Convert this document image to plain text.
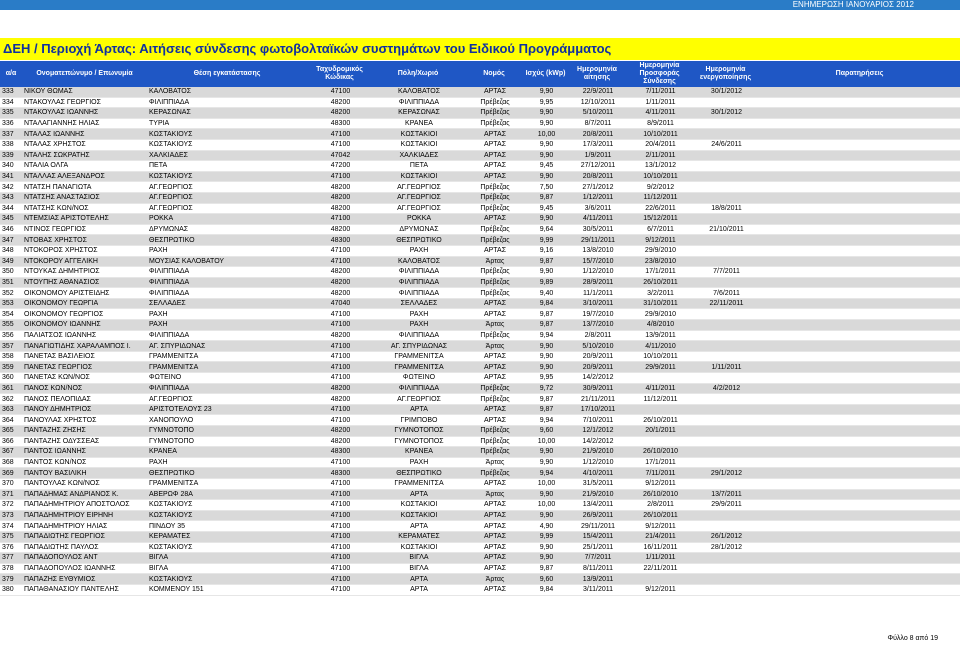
ΕΝΗΜΕΡΩΣΗ ΙΑΝΟΥΑΡΙΟΣ 2012
ΔΕΗ / Περιοχή Άρτας: Αιτήσεις σύνδεσης φωτοβολταϊκών συστημάτων του Ειδικού Προγράμματος
α/α	Ονοματεπώνυμο / Επωνυμία	Θέση εγκατάστασης	Ταχυδρομικός Κώδικας	Πόλη/Χωριό	Νομός	Ισχύς (kWp)	Ημερομηνία αίτησης	Ημερομηνία Προσφοράς Σύνδεσης	Ημερομηνία ενεργοποίησης	Παρατηρήσεις
333	ΝΙΚΟΥ ΘΩΜΑΣ	ΚΑΛΟΒΑΤΟΣ	47100	ΚΑΛΟΒΑΤΟΣ	ΑΡΤΑΣ	9,90	22/9/2011	7/11/2011	30/1/2012	
334	ΝΤΑΚΟΥΛΑΣ ΓΕΩΡΓΙΟΣ	ΦΙΛΙΠΠΙΑΔΑ	48200	ΦΙΛΙΠΠΙΑΔΑ	Πρέβεζας	9,95	12/10/2011	1/11/2011		
335	ΝΤΑΚΟΥΛΑΣ ΙΩΑΝΝΗΣ	ΚΕΡΑΣΩΝΑΣ	48200	ΚΕΡΑΣΩΝΑΣ	Πρέβεζας	9,90	5/10/2011	4/11/2011	30/1/2012	
336	ΝΤΑΛΑΓΙΑΝΝΗΣ ΗΛΙΑΣ	ΤΥΡΙΑ	48300	ΚΡΑΝΕΑ	Πρέβεζας	9,90	8/7/2011	8/9/2011		
337	ΝΤΑΛΑΣ ΙΩΑΝΝΗΣ	ΚΩΣΤΑΚΙΟΥΣ	47100	ΚΩΣΤΑΚΙΟΙ	ΑΡΤΑΣ	10,00	20/8/2011	10/10/2011		
338	ΝΤΑΛΑΣ ΧΡΗΣΤΟΣ	ΚΩΣΤΑΚΙΟΥΣ	47100	ΚΩΣΤΑΚΙΟΙ	ΑΡΤΑΣ	9,90	17/3/2011	20/4/2011	24/6/2011	
339	ΝΤΑΛΗΣ ΣΩΚΡΑΤΗΣ	ΧΑΛΚΙΑΔΕΣ	47042	ΧΑΛΚΙΑΔΕΣ	ΑΡΤΑΣ	9,90	1/9/2011	2/11/2011		
340	ΝΤΑΛΙΑ ΟΛΓΑ	ΠΕΤΑ	47200	ΠΕΤΑ	ΑΡΤΑΣ	9,45	27/12/2011	13/1/2012		
341	ΝΤΑΛΛΑΣ ΑΛΕΞΑΝΔΡΟΣ	ΚΩΣΤΑΚΙΟΥΣ	47100	ΚΩΣΤΑΚΙΟΙ	ΑΡΤΑΣ	9,90	20/8/2011	10/10/2011		
342	ΝΤΑΤΣΗ ΠΑΝΑΓΙΩΤΑ	ΑΓ.ΓΕΩΡΓΙΟΣ	48200	ΑΓ.ΓΕΩΡΓΙΟΣ	Πρέβεζας	7,50	27/1/2012	9/2/2012		
343	ΝΤΑΤΣΗΣ ΑΝΑΣΤΑΣΙΟΣ	ΑΓ.ΓΕΩΡΓΙΟΣ	48200	ΑΓ.ΓΕΩΡΓΙΟΣ	Πρέβεζας	9,87	1/12/2011	11/12/2011		
344	ΝΤΑΤΣΗΣ ΚΩΝ/ΝΟΣ	ΑΓ.ΓΕΩΡΓΙΟΣ	48200	ΑΓ.ΓΕΩΡΓΙΟΣ	Πρέβεζας	9,45	3/6/2011	22/6/2011	18/8/2011	
345	ΝΤΕΜΣΙΑΣ ΑΡΙΣΤΟΤΕΛΗΣ	ΡΟΚΚΑ	47100	ΡΟΚΚΑ	ΑΡΤΑΣ	9,90	4/11/2011	15/12/2011		
346	ΝΤΙΝΟΣ ΓΕΩΡΓΙΟΣ	ΔΡΥΜΩΝΑΣ	48200	ΔΡΥΜΩΝΑΣ	Πρέβεζας	9,64	30/5/2011	6/7/2011	21/10/2011	
347	ΝΤΟΒΑΣ ΧΡΗΣΤΟΣ	ΘΕΣΠΡΩΤΙΚΟ	48300	ΘΕΣΠΡΩΤΙΚΟ	Πρέβεζας	9,99	29/11/2011	9/12/2011		
348	ΝΤΟΚΟΡΟΣ ΧΡΗΣΤΟΣ	ΡΑΧΗ	47100	ΡΑΧΗ	ΑΡΤΑΣ	9,16	13/8/2010	29/9/2010		
349	ΝΤΟΚΟΡΟΥ ΑΓΓΕΛΙΚΗ	ΜΟΥΣΙΑΣ ΚΑΛΟΒΑΤΟΥ	47100	ΚΑΛΟΒΑΤΟΣ	Άρτας	9,87	15/7/2010	23/8/2010		
350	ΝΤΟΥΚΑΣ ΔΗΜΗΤΡΙΟΣ	ΦΙΛΙΠΠΙΑΔΑ	48200	ΦΙΛΙΠΠΙΑΔΑ	Πρέβεζας	9,90	1/12/2010	17/1/2011	7/7/2011	
351	ΝΤΟΥΠΗΣ ΑΘΑΝΑΣΙΟΣ	ΦΙΛΙΠΠΙΑΔΑ	48200	ΦΙΛΙΠΠΙΑΔΑ	Πρέβεζας	9,89	28/9/2011	26/10/2011		
352	ΟΙΚΟΝΟΜΟΥ ΑΡΙΣΤΕΙΔΗΣ	ΦΙΛΙΠΠΙΑΔΑ	48200	ΦΙΛΙΠΠΙΑΔΑ	Πρέβεζας	9,40	11/1/2011	3/2/2011	7/6/2011	
353	ΟΙΚΟΝΟΜΟΥ ΓΕΩΡΓΙΑ	ΣΕΛΛΑΔΕΣ	47040	ΣΕΛΛΑΔΕΣ	ΑΡΤΑΣ	9,84	3/10/2011	31/10/2011	22/11/2011	
354	ΟΙΚΟΝΟΜΟΥ ΓΕΩΡΓΙΟΣ	ΡΑΧΗ	47100	ΡΑΧΗ	ΑΡΤΑΣ	9,87	19/7/2010	29/9/2010		
355	ΟΙΚΟΝΟΜΟΥ ΙΩΑΝΝΗΣ	ΡΑΧΗ	47100	ΡΑΧΗ	Άρτας	9,87	13/7/2010	4/8/2010		
356	ΠΑΛΙΑΤΣΟΣ ΙΩΑΝΝΗΣ	ΦΙΛΙΠΠΙΑΔΑ	48200	ΦΙΛΙΠΠΙΑΔΑ	Πρέβεζας	9,94	2/8/2011	13/9/2011		
357	ΠΑΝΑΓΙΩΤΙΔΗΣ ΧΑΡΑΛΑΜΠΟΣ Ι.	ΑΓ. ΣΠΥΡΙΔΩΝΑΣ	47100	ΑΓ. ΣΠΥΡΙΔΩΝΑΣ	Άρτας	9,90	5/10/2010	4/11/2010		
358	ΠΑΝΕΤΑΣ ΒΑΣΙΛΕΙΟΣ	ΓΡΑΜΜΕΝΙΤΣΑ	47100	ΓΡΑΜΜΕΝΙΤΣΑ	ΑΡΤΑΣ	9,90	20/9/2011	10/10/2011		
359	ΠΑΝΕΤΑΣ ΓΕΩΡΓΙΟΣ	ΓΡΑΜΜΕΝΙΤΣΑ	47100	ΓΡΑΜΜΕΝΙΤΣΑ	ΑΡΤΑΣ	9,90	20/9/2011	29/9/2011	1/11/2011	
360	ΠΑΝΕΤΑΣ ΚΩΝ/ΝΟΣ	ΦΩΤΕΙΝΟ	47100	ΦΩΤΕΙΝΟ	ΑΡΤΑΣ	9,95	14/2/2012			
361	ΠΑΝΟΣ ΚΩΝ/ΝΟΣ	ΦΙΛΙΠΠΙΑΔΑ	48200	ΦΙΛΙΠΠΙΑΔΑ	Πρέβεζας	9,72	30/9/2011	4/11/2011	4/2/2012	
362	ΠΑΝΟΣ ΠΕΛΟΠΙΔΑΣ	ΑΓ.ΓΕΩΡΓΙΟΣ	48200	ΑΓ.ΓΕΩΡΓΙΟΣ	Πρέβεζας	9,87	21/11/2011	11/12/2011		
363	ΠΑΝΟΥ ΔΗΜΗΤΡΙΟΣ	ΑΡΙΣΤΟΤΕΛΟΥΣ 23	47100	ΑΡΤΑ	ΑΡΤΑΣ	9,87	17/10/2011			
364	ΠΑΝΟΥΛΑΣ ΧΡΗΣΤΟΣ	ΧΑΝΟΠΟΥΛΟ	47100	ΓΡΙΜΠΟΒΟ	ΑΡΤΑΣ	9,94	7/10/2011	26/10/2011		
365	ΠΑΝΤΑΖΗΣ ΖΗΣΗΣ	ΓΥΜΝΟΤΟΠΟ	48200	ΓΥΜΝΟΤΟΠΟΣ	Πρέβεζας	9,60	12/1/2012	20/1/2011		
366	ΠΑΝΤΑΖΗΣ ΟΔΥΣΣΕΑΣ	ΓΥΜΝΟΤΟΠΟ	48200	ΓΥΜΝΟΤΟΠΟΣ	Πρέβεζας	10,00	14/2/2012			
367	ΠΑΝΤΟΣ ΙΩΑΝΝΗΣ	ΚΡΑΝΕΑ	48300	ΚΡΑΝΕΑ	Πρέβεζας	9,90	21/9/2010	26/10/2010		
368	ΠΑΝΤΟΣ ΚΩΝ/ΝΟΣ	ΡΑΧΗ	47100	ΡΑΧΗ	Άρτας	9,90	1/12/2010	17/1/2011		
369	ΠΑΝΤΟΥ ΒΑΣΙΛΙΚΗ	ΘΕΣΠΡΩΤΙΚΟ	48300	ΘΕΣΠΡΩΤΙΚΟ	Πρέβεζας	9,94	4/10/2011	7/11/2011	29/1/2012	
370	ΠΑΝΤΟΥΛΑΣ ΚΩΝ/ΝΟΣ	ΓΡΑΜΜΕΝΙΤΣΑ	47100	ΓΡΑΜΜΕΝΙΤΣΑ	ΑΡΤΑΣ	10,00	31/5/2011	9/12/2011		
371	ΠΑΠΑΔΗΜΑΣ ΑΝΔΡΙΑΝΟΣ Κ.	ΑΒΕΡΩΦ 28Α	47100	ΑΡΤΑ	Άρτας	9,90	21/9/2010	26/10/2010	13/7/2011	
372	ΠΑΠΑΔΗΜΗΤΡΙΟΥ ΑΠΟΣΤΟΛΟΣ	ΚΩΣΤΑΚΙΟΥΣ	47100	ΚΩΣΤΑΚΙΟΙ	ΑΡΤΑΣ	10,00	13/4/2011	2/8/2011	29/9/2011	
373	ΠΑΠΑΔΗΜΗΤΡΙΟΥ ΕΙΡΗΝΗ	ΚΩΣΤΑΚΙΟΥΣ	47100	ΚΩΣΤΑΚΙΟΙ	ΑΡΤΑΣ	9,90	26/9/2011	26/10/2011		
374	ΠΑΠΑΔΗΜΗΤΡΙΟΥ ΗΛΙΑΣ	ΠΙΝΔΟΥ 35	47100	ΑΡΤΑ	ΑΡΤΑΣ	4,90	29/11/2011	9/12/2011		
375	ΠΑΠΑΔΙΩΤΗΣ ΓΕΩΡΓΙΟΣ	ΚΕΡΑΜΑΤΕΣ	47100	ΚΕΡΑΜΑΤΕΣ	ΑΡΤΑΣ	9,99	15/4/2011	21/4/2011	26/1/2012	
376	ΠΑΠΑΔΙΩΤΗΣ ΠΑΥΛΟΣ	ΚΩΣΤΑΚΙΟΥΣ	47100	ΚΩΣΤΑΚΙΟΙ	ΑΡΤΑΣ	9,90	25/1/2011	16/11/2011	28/1/2012	
377	ΠΑΠΑΔΟΠΟΥΛΟΣ ΑΝΤ	ΒΙΓΛΑ	47100	ΒΙΓΛΑ	ΑΡΤΑΣ	9,90	7/7/2011	1/11/2011		
378	ΠΑΠΑΔΟΠΟΥΛΟΣ ΙΩΑΝΝΗΣ	ΒΙΓΛΑ	47100	ΒΙΓΛΑ	ΑΡΤΑΣ	9,87	8/11/2011	22/11/2011		
379	ΠΑΠΑΖΗΣ ΕΥΘΥΜΙΟΣ	ΚΩΣΤΑΚΙΟΥΣ	47100	ΑΡΤΑ	Άρτας	9,60	13/9/2011			
380	ΠΑΠΑΘΑΝΑΣΙΟΥ ΠΑΝΤΕΛΗΣ	ΚΟΜΜΕΝΟΥ 151	47100	ΑΡΤΑ	ΑΡΤΑΣ	9,84	3/11/2011	9/12/2011		
Φύλλο 8 από 19
